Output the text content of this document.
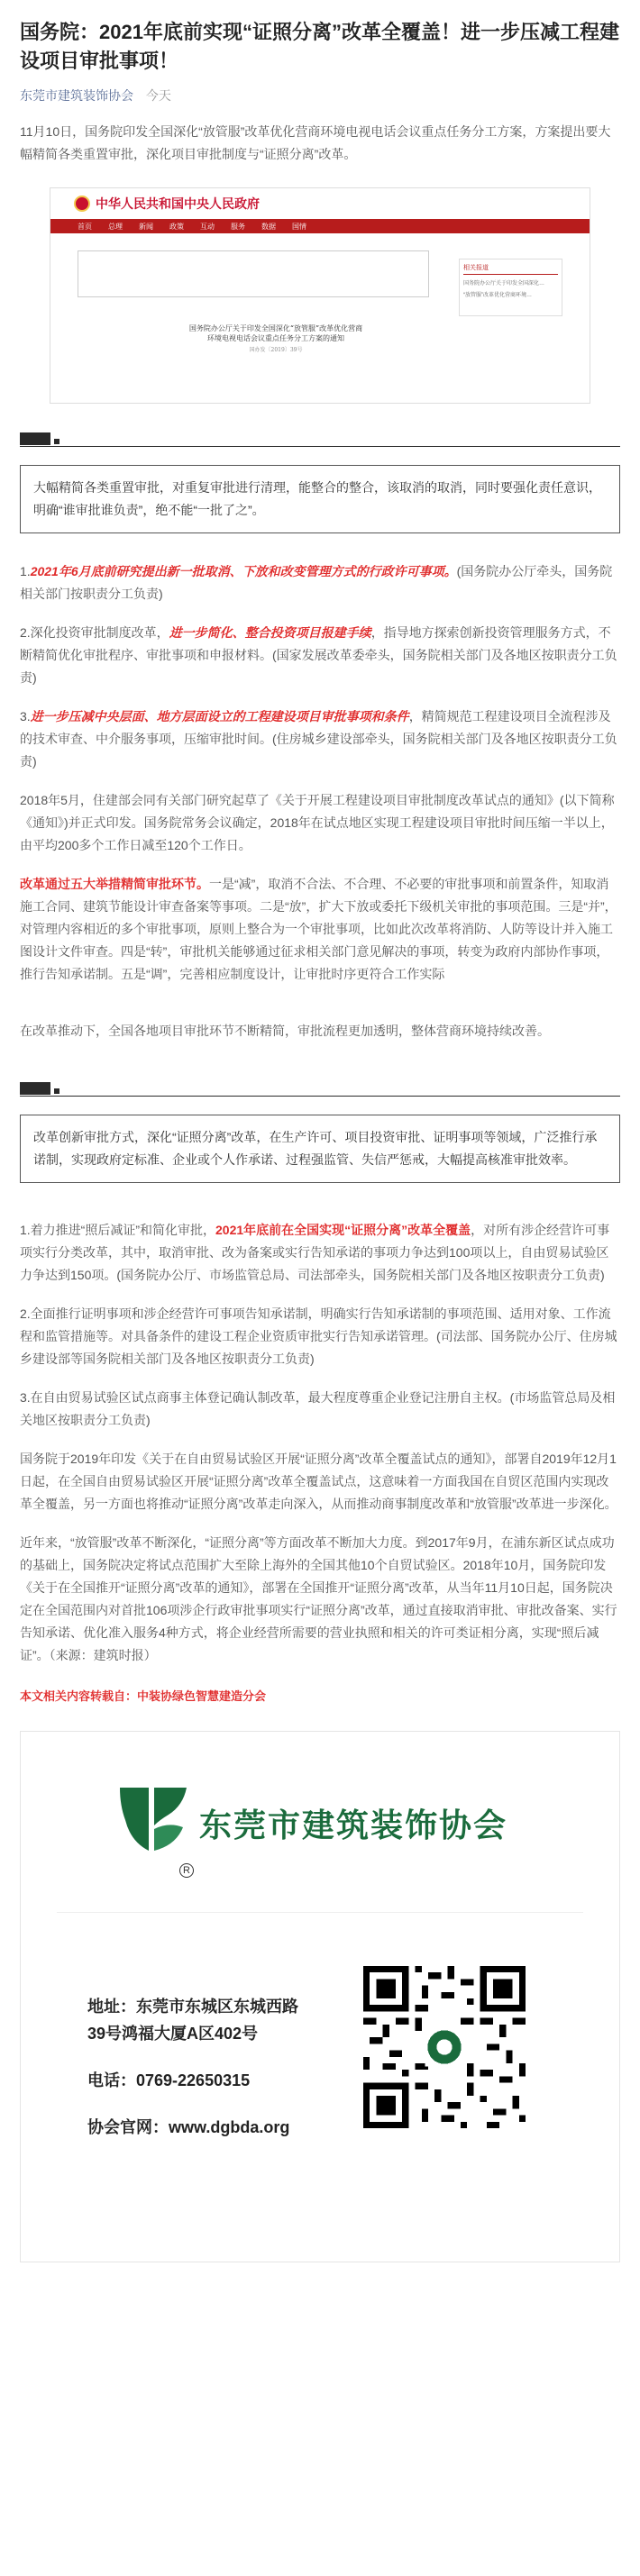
国务院：2021年底前实现“证照分离”改革全覆盖！进一步压减工程建设项目审批事项！
东莞市建筑装饰协会 今天

11月10日，国务院印发全国深化“放管服”改革优化营商环境电视电话会议重点任务分工方案，方案提出要大幅精简各类重置审批，深化项目审批制度与“证照分离”改革。

中华人民共和国中央人民政府
首页 总理 新闻 政策 互动 服务 数据 国情

相关报道
国务院办公厅关于印发全国深化…
“放管服”改革优化营商环境…
国务院办公厅关于印发全国深化“放管服”改革优化营商环境电视电话会议重点任务分工方案的通知
国办发〔2019〕39号
大幅精简各类重置审批，对重复审批进行清理，能整合的整合，该取消的取消，同时要强化责任意识，明确“谁审批谁负责”，绝不能“一批了之”。

1.2021年6月底前研究提出新一批取消、下放和改变管理方式的行政许可事项。(国务院办公厅牵头，国务院相关部门按职责分工负责)

2.深化投资审批制度改革，进一步简化、整合投资项目报建手续，指导地方探索创新投资管理服务方式，不断精简优化审批程序、审批事项和申报材料。(国家发展改革委牵头，国务院相关部门及各地区按职责分工负责)

3.进一步压减中央层面、地方层面设立的工程建设项目审批事项和条件，精简规范工程建设项目全流程涉及的技术审查、中介服务事项，压缩审批时间。(住房城乡建设部牵头，国务院相关部门及各地区按职责分工负责)

2018年5月，住建部会同有关部门研究起草了《关于开展工程建设项目审批制度改革试点的通知》(以下简称《通知》)并正式印发。国务院常务会议确定，2018年在试点地区实现工程建设项目审批时间压缩一半以上，由平均200多个工作日减至120个工作日。

改革通过五大举措精简审批环节。一是“减”，取消不合法、不合理、不必要的审批事项和前置条件，知取消施工合同、建筑节能设计审查备案等事项。二是“放”，扩大下放或委托下级机关审批的事项范围。三是“并”，对管理内容相近的多个审批事项，原则上整合为一个审批事项，比如此次改革将消防、人防等设计并入施工图设计文件审查。四是“转”，审批机关能够通过征求相关部门意见解决的事项，转变为政府内部协作事项，推行告知承诺制。五是“调”，完善相应制度设计，让审批时序更符合工作实际

在改革推动下，全国各地项目审批环节不断精简，审批流程更加透明，整体营商环境持续改善。

改革创新审批方式，深化“证照分离”改革，在生产许可、项目投资审批、证明事项等领域，广泛推行承诺制，实现政府定标准、企业或个人作承诺、过程强监管、失信严惩戒，大幅提高核准审批效率。

1.着力推进“照后减证”和简化审批，2021年底前在全国实现“证照分离”改革全覆盖，对所有涉企经营许可事项实行分类改革，其中，取消审批、改为备案或实行告知承诺的事项力争达到100项以上，自由贸易试验区力争达到150项。(国务院办公厅、市场监管总局、司法部牵头，国务院相关部门及各地区按职责分工负责)

2.全面推行证明事项和涉企经营许可事项告知承诺制，明确实行告知承诺制的事项范围、适用对象、工作流程和监管措施等。对具备条件的建设工程企业资质审批实行告知承诺管理。(司法部、国务院办公厅、住房城乡建设部等国务院相关部门及各地区按职责分工负责)

3.在自由贸易试验区试点商事主体登记确认制改革，最大程度尊重企业登记注册自主权。(市场监管总局及相关地区按职责分工负责)

国务院于2019年印发《关于在自由贸易试验区开展“证照分离”改革全覆盖试点的通知》，部署自2019年12月1日起，在全国自由贸易试验区开展“证照分离”改革全覆盖试点，这意味着一方面我国在自贸区范围内实现改革全覆盖，另一方面也将推动“证照分离”改革走向深入，从而推动商事制度改革和“放管服”改革进一步深化。

近年来，“放管服”改革不断深化，“证照分离”等方面改革不断加大力度。到2017年9月，在浦东新区试点成功的基础上，国务院决定将试点范围扩大至除上海外的全国其他10个自贸试验区。2018年10月，国务院印发《关于在全国推开“证照分离”改革的通知》，部署在全国推开“证照分离”改革，从当年11月10日起，国务院决定在全国范围内对首批106项涉企行政审批事项实行“证照分离”改革，通过直接取消审批、审批改备案、实行告知承诺、优化准入服务4种方式，将企业经营所需要的营业执照和相关的许可类证相分离，实现“照后减证”。（来源：建筑时报）

本文相关内容转载自：中装协绿色智慧建造分会

R
东莞市建筑装饰协会
地址：东莞市东城区东城西路
39号鸿福大厦A区402号
电话：0769-22650315
协会官网：www.dgbda.org
